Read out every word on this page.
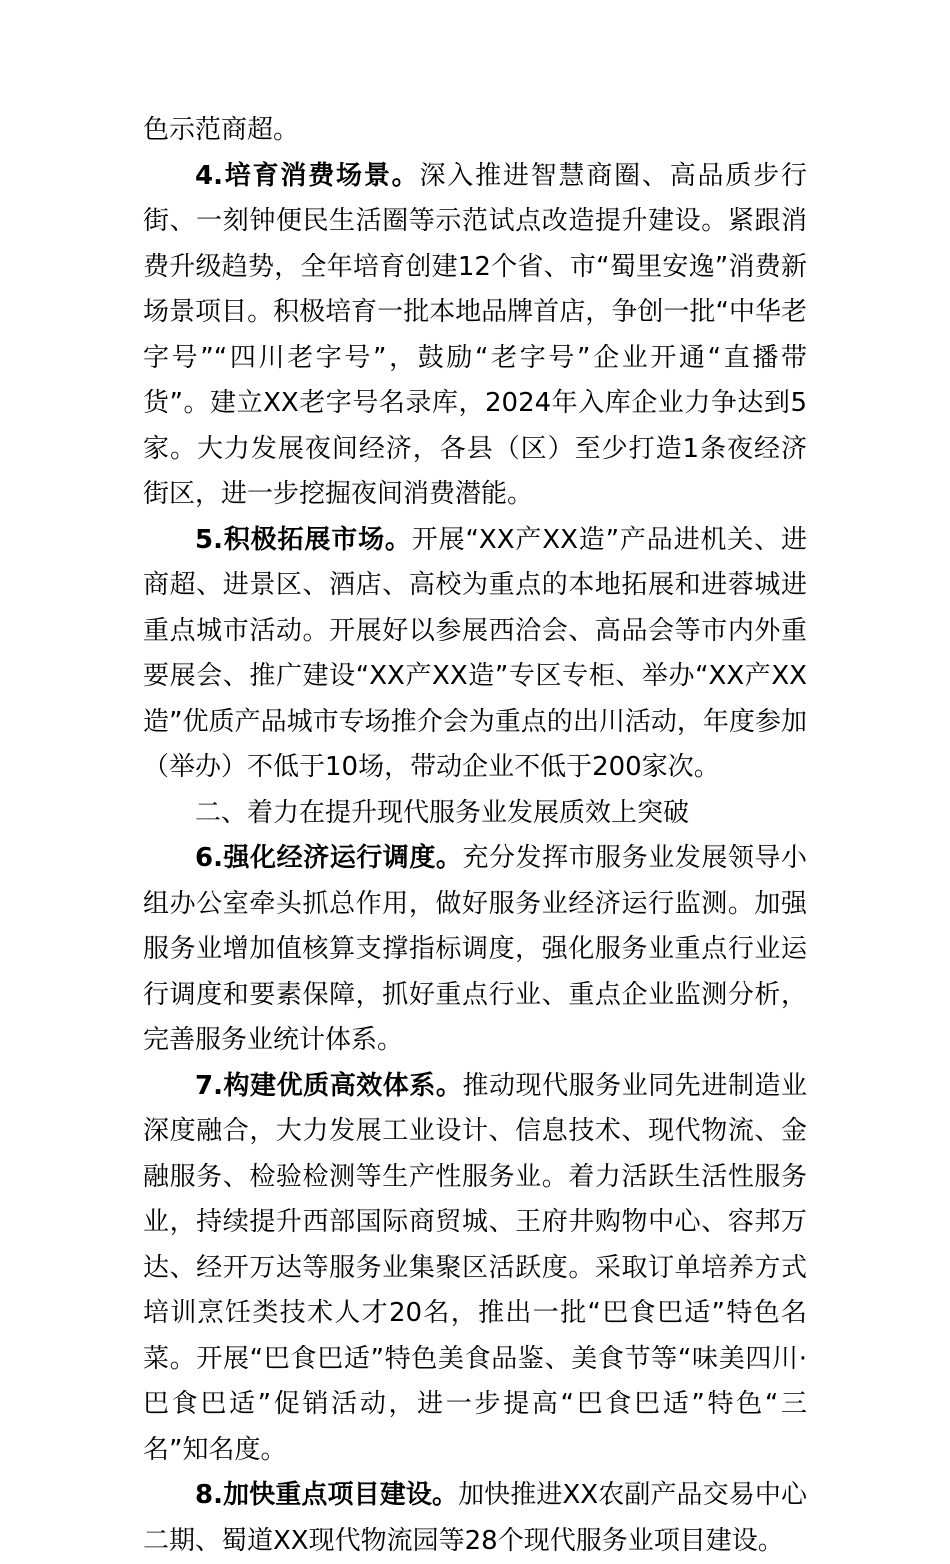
色示范商超。

4.培育消费场景。深入推进智慧商圈、高品质步行街、一刻钟便民生活圈等示范试点改造提升建设。紧跟消费升级趋势，全年培育创建12个省、市“蜀里安逸”消费新场景项目。积极培育一批本地品牌首店，争创一批“中华老字号”“四川老字号”，鼓励“老字号”企业开通“直播带货”。建立XX老字号名录库，2024年入库企业力争达到5家。大力发展夜间经济，各县（区）至少打造1条夜经济街区，进一步挖掘夜间消费潜能。

5.积极拓展市场。开展“XX产XX造”产品进机关、进商超、进景区、酒店、高校为重点的本地拓展和进蓉城进重点城市活动。开展好以参展西洽会、高品会等市内外重要展会、推广建设“XX产XX造”专区专柜、举办“XX产XX造”优质产品城市专场推介会为重点的出川活动，年度参加（举办）不低于10场，带动企业不低于200家次。

二、着力在提升现代服务业发展质效上突破

6.强化经济运行调度。充分发挥市服务业发展领导小组办公室牵头抓总作用，做好服务业经济运行监测。加强服务业增加值核算支撑指标调度，强化服务业重点行业运行调度和要素保障，抓好重点行业、重点企业监测分析，完善服务业统计体系。

7.构建优质高效体系。推动现代服务业同先进制造业深度融合，大力发展工业设计、信息技术、现代物流、金融服务、检验检测等生产性服务业。着力活跃生活性服务业，持续提升西部国际商贸城、王府井购物中心、容邦万达、经开万达等服务业集聚区活跃度。采取订单培养方式培训烹饪类技术人才20名，推出一批“巴食巴适”特色名菜。开展“巴食巴适”特色美食品鉴、美食节等“味美四川·巴食巴适”促销活动，进一步提高“巴食巴适”特色“三名”知名度。

8.加快重点项目建设。加快推进XX农副产品交易中心二期、蜀道XX现代物流园等28个现代服务业项目建设。
